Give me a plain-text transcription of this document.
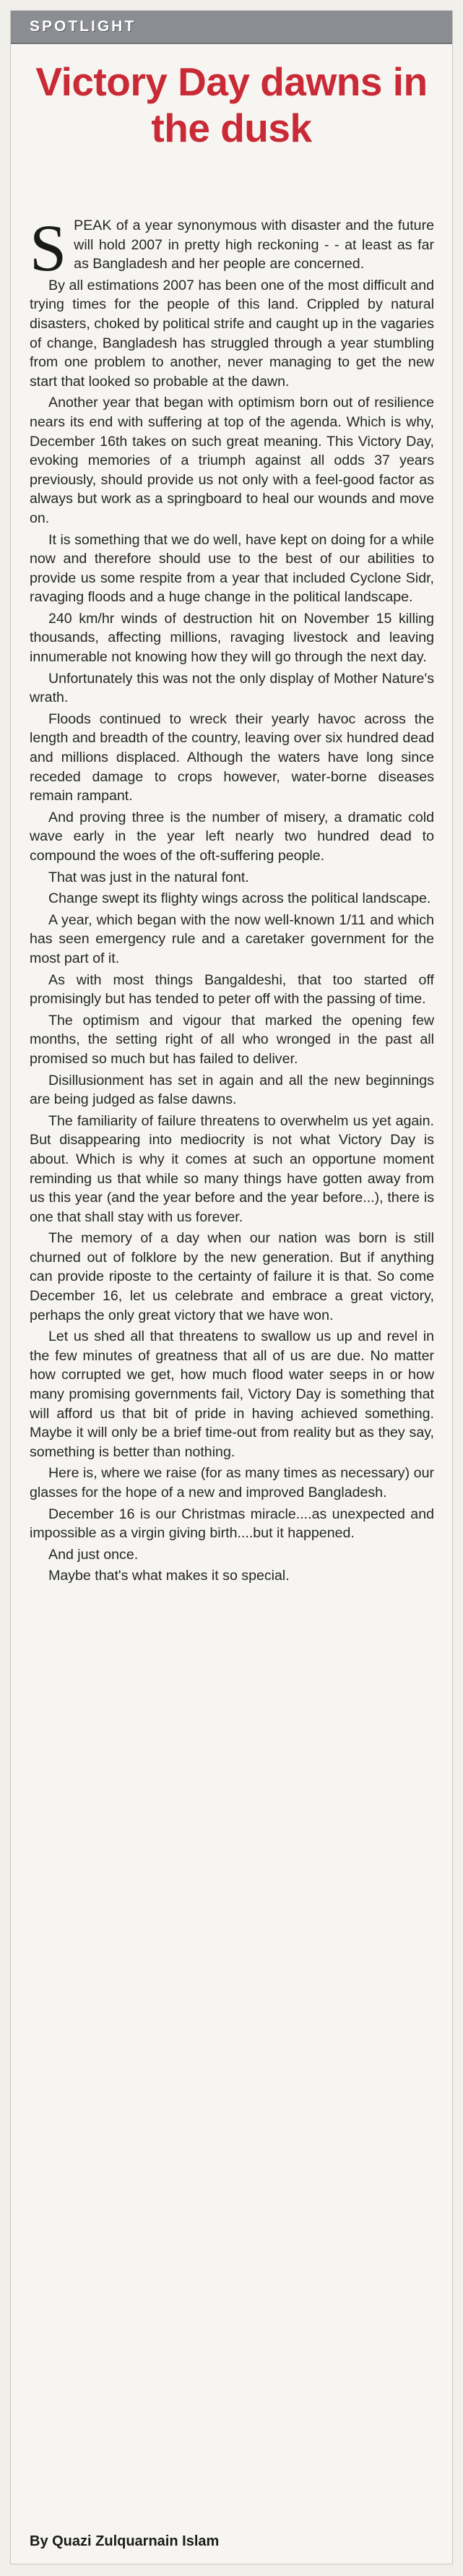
SPOTLIGHT
Victory Day dawns in the dusk

SPEAK of a year synonymous with disaster and the future will hold 2007 in pretty high reckoning - - at least as far as Bangladesh and her people are concerned.

By all estimations 2007 has been one of the most difficult and trying times for the people of this land. Crippled by natural disasters, choked by political strife and caught up in the vagaries of change, Bangladesh has struggled through a year stumbling from one problem to another, never managing to get the new start that looked so probable at the dawn.

Another year that began with optimism born out of resilience nears its end with suffering at top of the agenda. Which is why, December 16th takes on such great meaning. This Victory Day, evoking memories of a triumph against all odds 37 years previously, should provide us not only with a feel-good factor as always but work as a springboard to heal our wounds and move on.

It is something that we do well, have kept on doing for a while now and therefore should use to the best of our abilities to provide us some respite from a year that included Cyclone Sidr, ravaging floods and a huge change in the political landscape.

240 km/hr winds of destruction hit on November 15 killing thousands, affecting millions, ravaging livestock and leaving innumerable not knowing how they will go through the next day.

Unfortunately this was not the only display of Mother Nature's wrath.

Floods continued to wreck their yearly havoc across the length and breadth of the country, leaving over six hundred dead and millions displaced. Although the waters have long since receded damage to crops however, water-borne diseases remain rampant.

And proving three is the number of misery, a dramatic cold wave early in the year left nearly two hundred dead to compound the woes of the oft-suffering people.

That was just in the natural font.

Change swept its flighty wings across the political landscape.

A year, which began with the now well-known 1/11 and which has seen emergency rule and a caretaker government for the most part of it.

As with most things Bangaldeshi, that too started off promisingly but has tended to peter off with the passing of time.

The optimism and vigour that marked the opening few months, the setting right of all who wronged in the past all promised so much but has failed to deliver.

Disillusionment has set in again and all the new beginnings are being judged as false dawns.

The familiarity of failure threatens to overwhelm us yet again. But disappearing into mediocrity is not what Victory Day is about. Which is why it comes at such an opportune moment reminding us that while so many things have gotten away from us this year (and the year before and the year before...), there is one that shall stay with us forever.

The memory of a day when our nation was born is still churned out of folklore by the new generation. But if anything can provide riposte to the certainty of failure it is that. So come December 16, let us celebrate and embrace a great victory, perhaps the only great victory that we have won.

Let us shed all that threatens to swallow us up and revel in the few minutes of greatness that all of us are due. No matter how corrupted we get, how much flood water seeps in or how many promising governments fail, Victory Day is something that will afford us that bit of pride in having achieved something. Maybe it will only be a brief time-out from reality but as they say, something is better than nothing.

Here is, where we raise (for as many times as necessary) our glasses for the hope of a new and improved Bangladesh.

December 16 is our Christmas miracle....as unexpected and impossible as a virgin giving birth....but it happened.

And just once.

Maybe that's what makes it so special.

By Quazi Zulquarnain Islam
